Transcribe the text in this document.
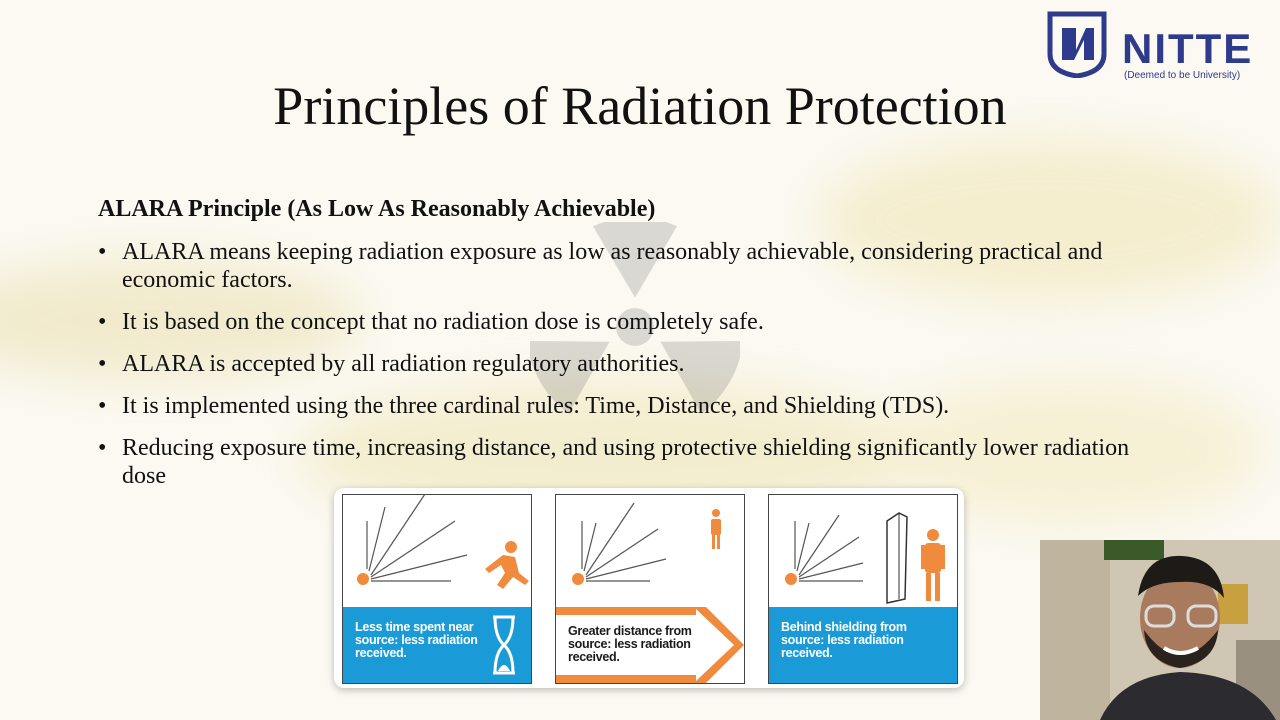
NITTE
(Deemed to be University)
Principles of Radiation Protection
ALARA Principle (As Low As Reasonably Achievable)
• ALARA means keeping radiation exposure as low as reasonably achievable, considering practical and economic factors.
• It is based on the concept that no radiation dose is completely safe.
• ALARA is accepted by all radiation regulatory authorities.
• It is implemented using the three cardinal rules: Time, Distance, and Shielding (TDS).
• Reducing exposure time, increasing distance, and using protective shielding significantly lower radiation dose
Less time spent near source: less radiation received.
Greater distance from source: less radiation received.
Behind shielding from source: less radiation received.
